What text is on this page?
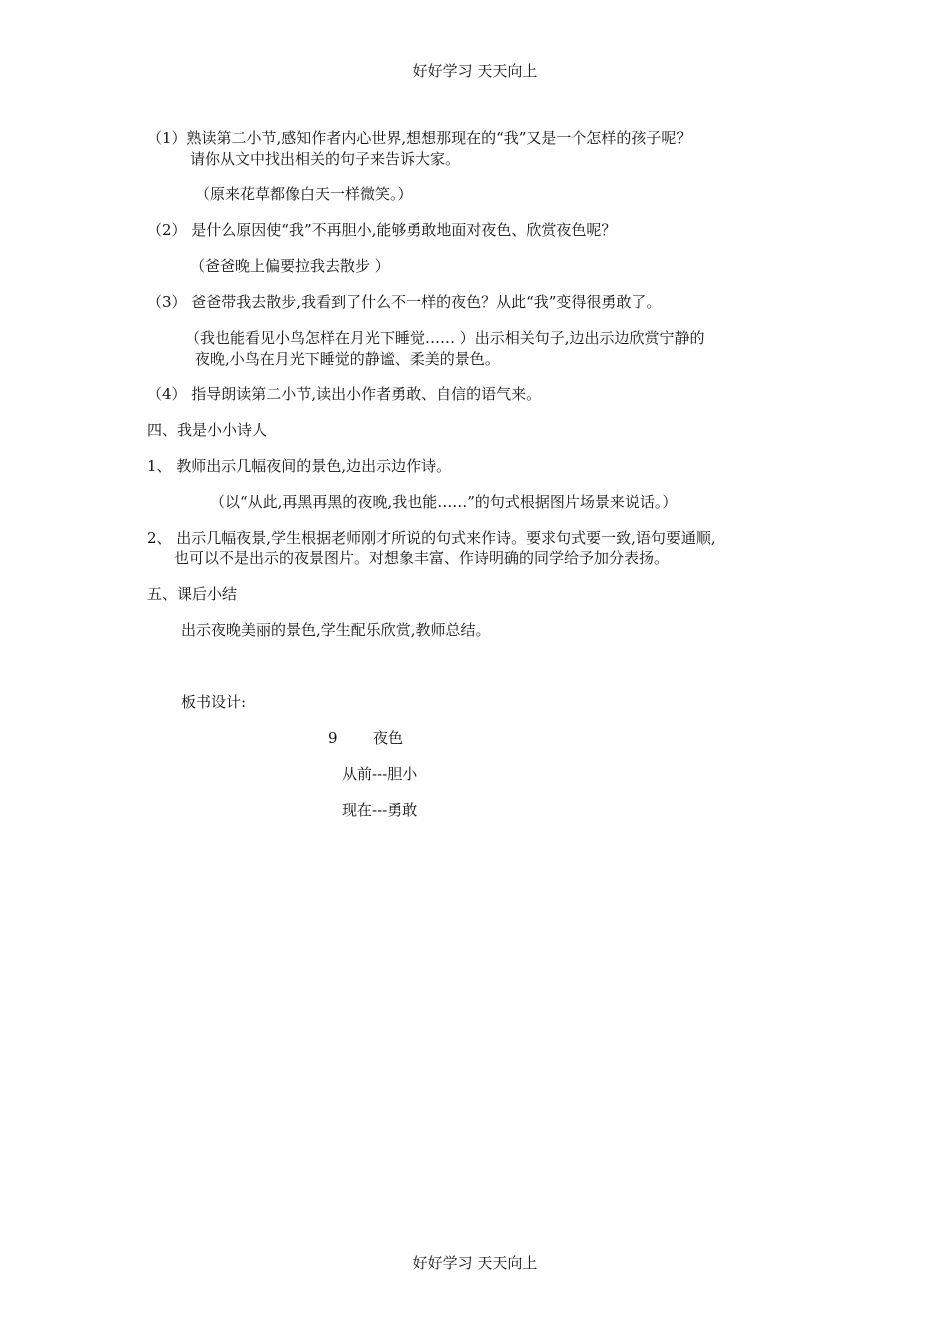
好好学习 天天向上
（1）熟读第二小节,感知作者内心世界,想想那现在的“我”又是一个怎样的孩子呢？
请你从文中找出相关的句子来告诉大家。
（原来花草都像白天一样微笑。）
（2） 是什么原因使“我”不再胆小,能够勇敢地面对夜色、欣赏夜色呢？
（爸爸晚上偏要拉我去散步 ）
（3） 爸爸带我去散步,我看到了什么不一样的夜色？从此“我”变得很勇敢了。
（我也能看见小鸟怎样在月光下睡觉…… ）出示相关句子,边出示边欣赏宁静的
夜晚,小鸟在月光下睡觉的静谧、柔美的景色。
（4） 指导朗读第二小节,读出小作者勇敢、自信的语气来。
四、我是小小诗人
1、 教师出示几幅夜间的景色,边出示边作诗。
（以“从此,再黑再黑的夜晚,我也能……”的句式根据图片场景来说话。）
2、 出示几幅夜景,学生根据老师刚才所说的句式来作诗。要求句式要一致,语句要通顺,
也可以不是出示的夜景图片。对想象丰富、作诗明确的同学给予加分表扬。
五、课后小结
出示夜晚美丽的景色,学生配乐欣赏,教师总结。
板书设计:
9 夜色
从前---胆小
现在---勇敢
好好学习 天天向上
